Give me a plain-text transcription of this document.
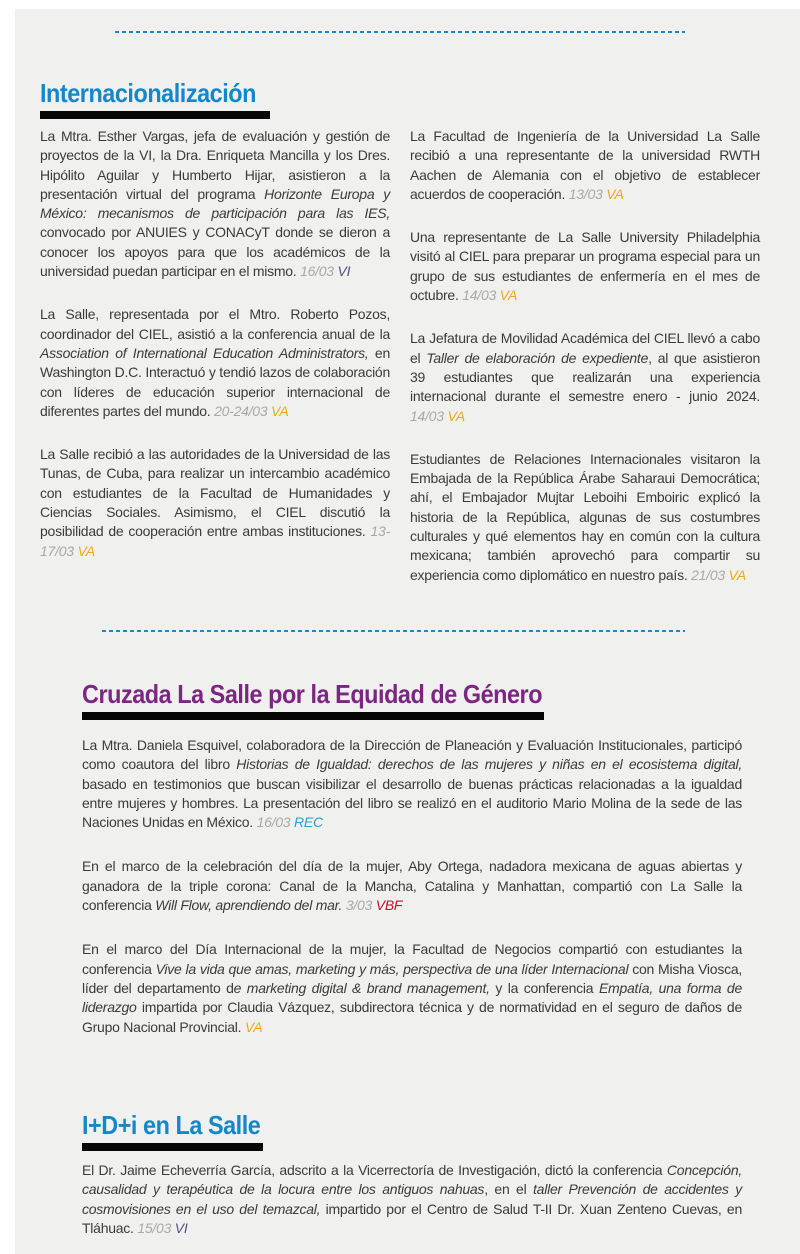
Internacionalización

La Mtra. Esther Vargas, jefa de evaluación y gestión de proyectos de la VI, la Dra. Enriqueta Mancilla y los Dres. Hipólito Aguilar y Humberto Hijar, asistieron a la presentación virtual del programa Horizonte Europa y México: mecanismos de participación para las IES, convocado por ANUIES y CONACyT donde se dieron a conocer los apoyos para que los académicos de la universidad puedan participar en el mismo. 16/03 VI

La Salle, representada por el Mtro. Roberto Pozos, coordinador del CIEL, asistió a la conferencia anual de la Association of International Education Administrators, en Washington D.C. Interactuó y tendió lazos de colaboración con líderes de educación superior internacional de diferentes partes del mundo. 20-24/03 VA

La Salle recibió a las autoridades de la Universidad de las Tunas, de Cuba, para realizar un intercambio académico con estudiantes de la Facultad de Humanidades y Ciencias Sociales. Asimismo, el CIEL discutió la posibilidad de cooperación entre ambas instituciones. 13-17/03 VA

La Facultad de Ingeniería de la Universidad La Salle recibió a una representante de la universidad RWTH Aachen de Alemania con el objetivo de establecer acuerdos de cooperación. 13/03 VA

Una representante de La Salle University Philadelphia visitó al CIEL para preparar un programa especial para un grupo de sus estudiantes de enfermería en el mes de octubre. 14/03 VA

La Jefatura de Movilidad Académica del CIEL llevó a cabo el Taller de elaboración de expediente, al que asistieron 39 estudiantes que realizarán una experiencia internacional durante el semestre enero - junio 2024. 14/03 VA

Estudiantes de Relaciones Internacionales visitaron la Embajada de la República Árabe Saharaui Democrática; ahí, el Embajador Mujtar Leboihi Emboiric explicó la historia de la República, algunas de sus costumbres culturales y qué elementos hay en común con la cultura mexicana; también aprovechó para compartir su experiencia como diplomático en nuestro país. 21/03 VA

Cruzada La Salle por la Equidad de Género

La Mtra. Daniela Esquivel, colaboradora de la Dirección de Planeación y Evaluación Institucionales, participó como coautora del libro Historias de Igualdad: derechos de las mujeres y niñas en el ecosistema digital, basado en testimonios que buscan visibilizar el desarrollo de buenas prácticas relacionadas a la igualdad entre mujeres y hombres. La presentación del libro se realizó en el auditorio Mario Molina de la sede de las Naciones Unidas en México. 16/03 REC

En el marco de la celebración del día de la mujer, Aby Ortega, nadadora mexicana de aguas abiertas y ganadora de la triple corona: Canal de la Mancha, Catalina y Manhattan, compartió con La Salle la conferencia Will Flow, aprendiendo del mar. 3/03 VBF

En el marco del Día Internacional de la mujer, la Facultad de Negocios compartió con estudiantes la conferencia Vive la vida que amas, marketing y más, perspectiva de una líder Internacional con Misha Viosca, líder del departamento de marketing digital & brand management, y la conferencia Empatía, una forma de liderazgo impartida por Claudia Vázquez, subdirectora técnica y de normatividad en el seguro de daños de Grupo Nacional Provincial. VA

I+D+i en La Salle

El Dr. Jaime Echeverría García, adscrito a la Vicerrectoría de Investigación, dictó la conferencia Concepción, causalidad y terapéutica de la locura entre los antiguos nahuas, en el taller Prevención de accidentes y cosmovisiones en el uso del temazcal, impartido por el Centro de Salud T-II Dr. Xuan Zenteno Cuevas, en Tláhuac. 15/03 VI
